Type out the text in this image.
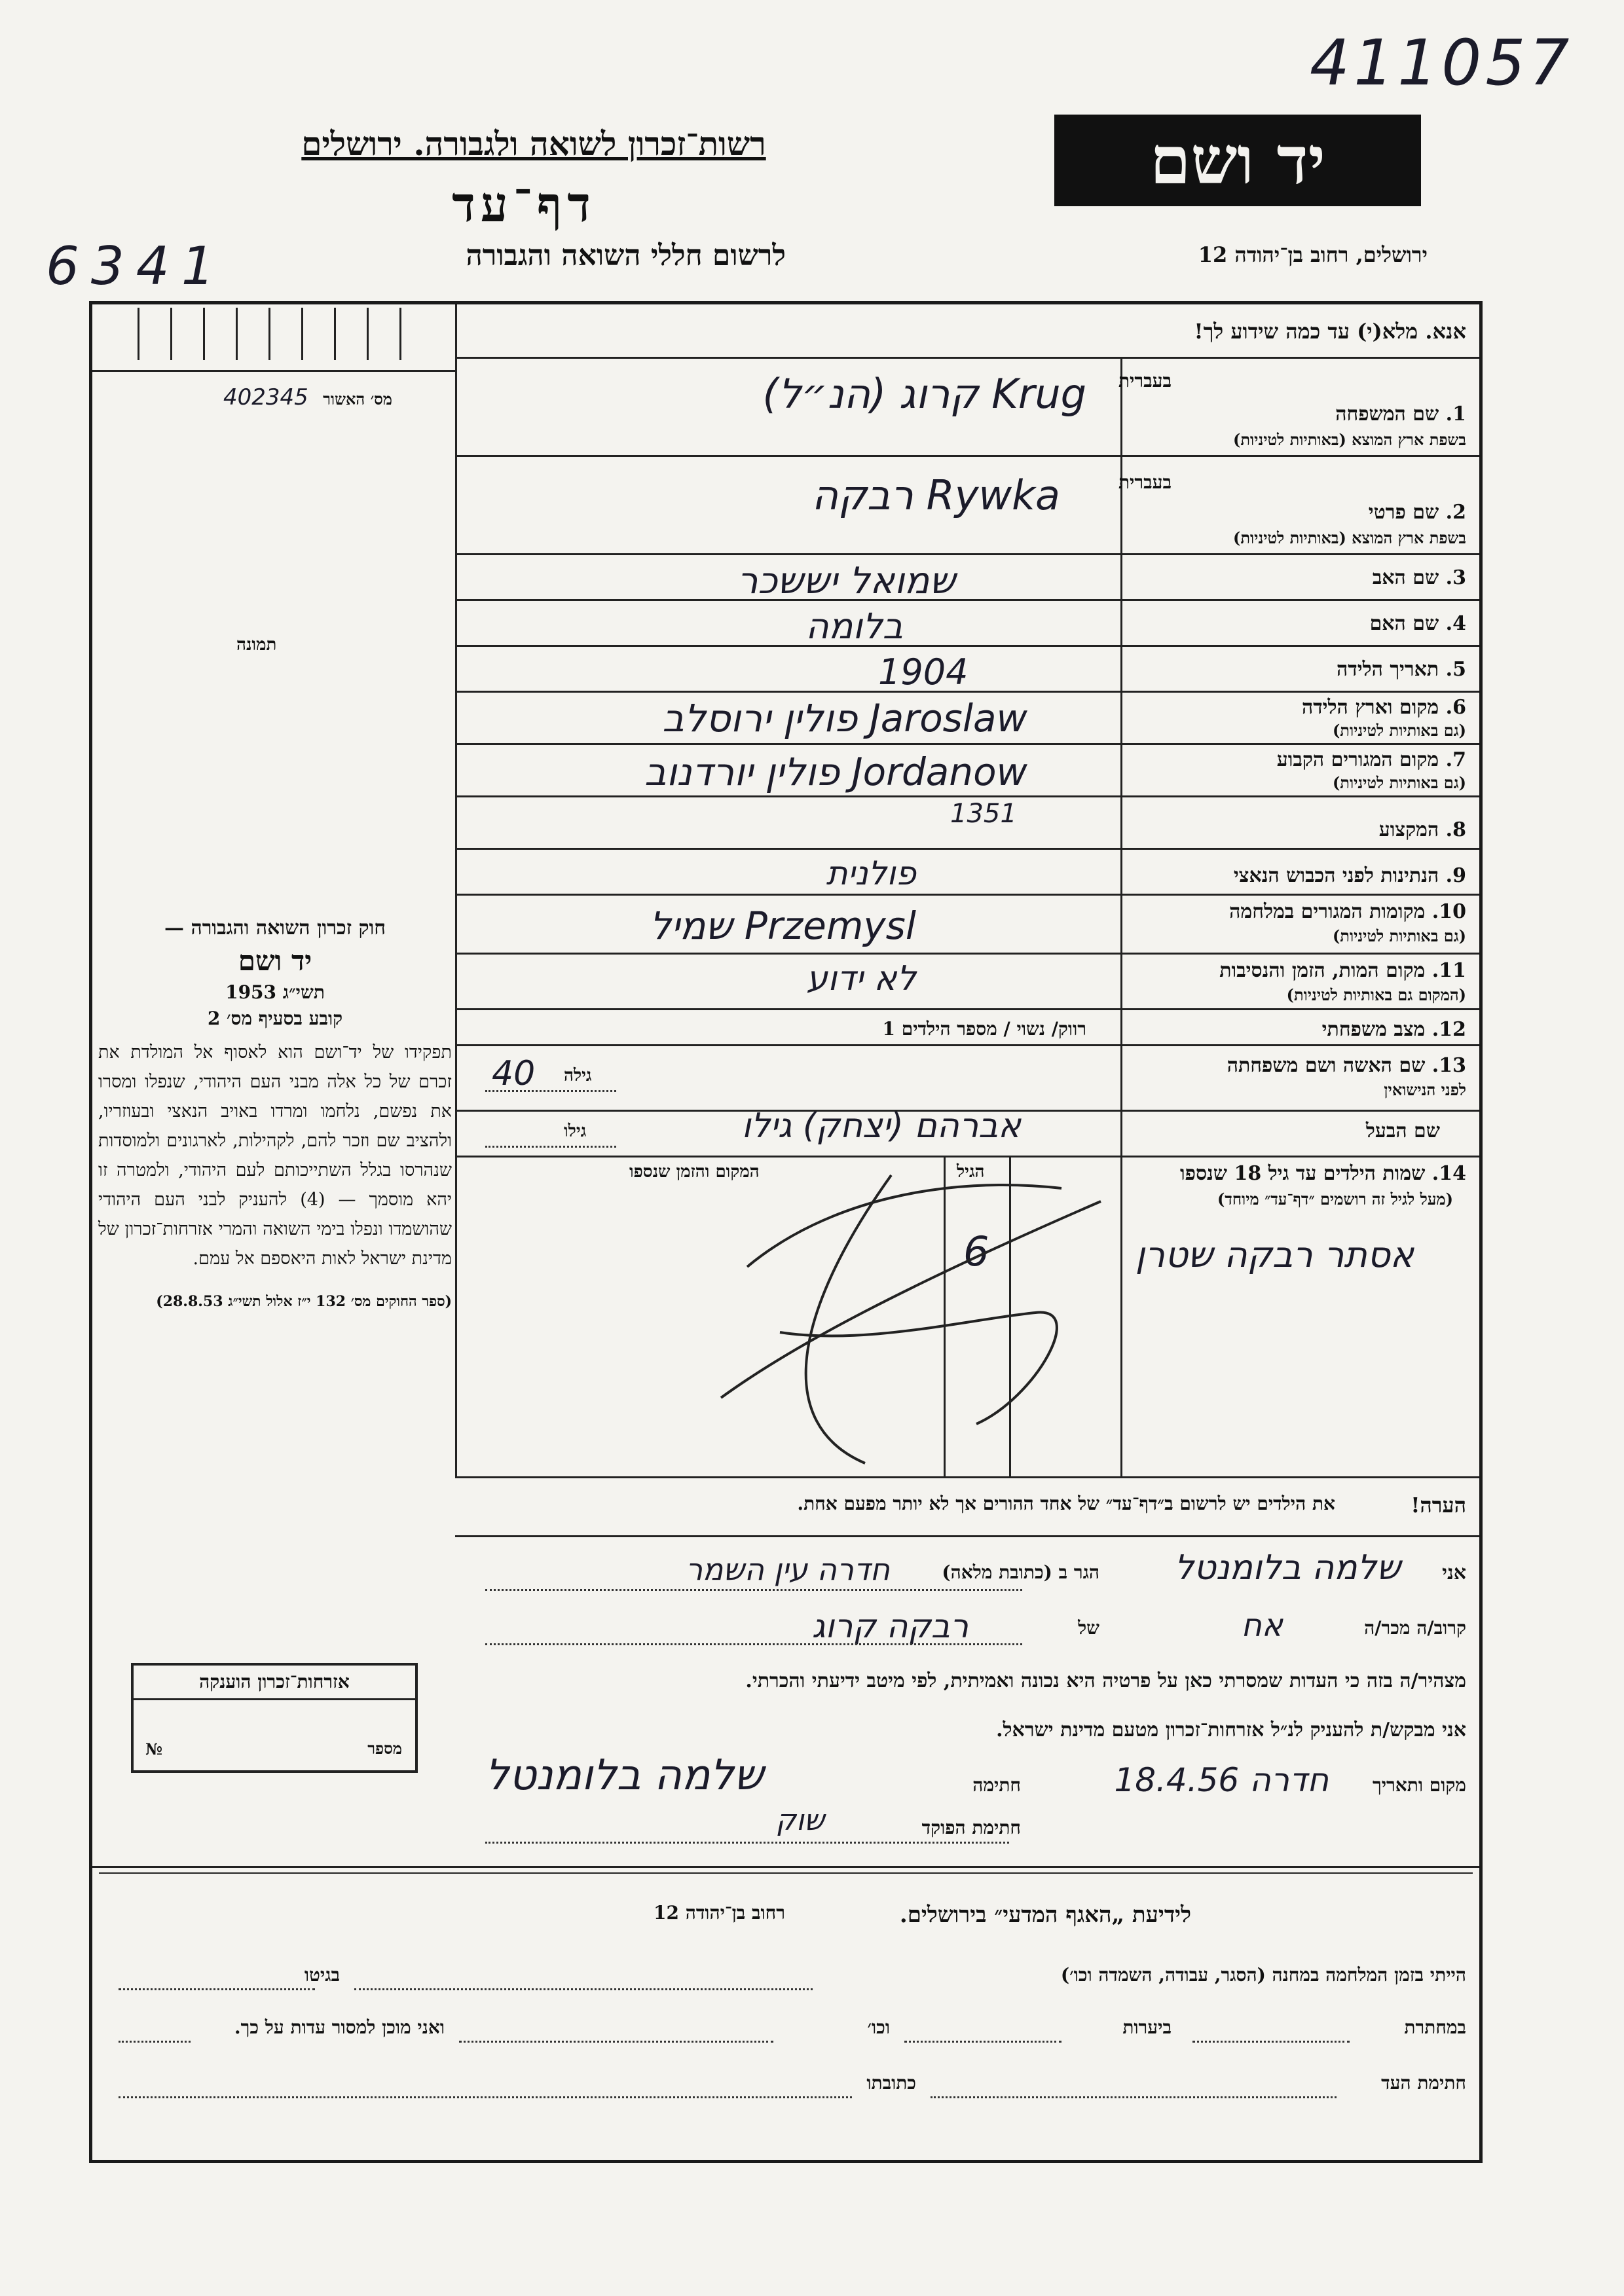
411057
6341
רשות־זכרון לשואה ולגבורה. ירושלים
דף־עד
לרשום חללי השואה והגבורה
יד ושם
ירושלים, רחוב בן־יהודה 12
אנא. מלא(י) עד כמה שידוע לך!
מס׳ האשור
402345
תמונה
בעברית
1. שם המשפחה
בשפת ארץ המוצא (באותיות לטיניות)
בעברית
2. שם פרטי
בשפת ארץ המוצא (באותיות לטיניות)
3. שם האב
4. שם האם
5. תאריך הלידה
6. מקום וארץ הלידה
(גם באותיות לטיניות)
7. מקום המגורים הקבוע
(גם באותיות לטיניות)
8. המקצוע
9. הנתינות לפני הכבוש הנאצי
10. מקומות המגורים במלחמה
(גם באותיות לטיניות)
11. מקום המות, הזמן והנסיבות
(המקום גם באותיות לטיניות)
12. מצב משפחתי
13. שם האשה ושם משפחתה
לפני הנישואין
שם הבעל
Krug קרוג (הנ״ל)
Rywka רבקה
שמואל יששכר
בלומה
1904
Jaroslaw פולין ירוסלב
Jordanow פולין יורדנוב
1351
פולנית
Przemysl שמיל
לא ידוע
רווק/ נשוי / מספר הילדים 1
גילה
40
גילו	אברהם (יצחק) גילו
14. שמות הילדים עד גיל 18 שנספו
(מעל לגיל זה רושמים ״דף־עד״ מיוחד)
הגיל
המקום והזמן שנספו
אסתר רבקה שטרן
6
הערה!
את הילדים יש לרשום ב״דף־עד״ של אחד ההורים אך לא יותר מפעם אחת.
אני
שלמה בלומנטל
הגר ב (כתובת מלאה)
חדרה עין השמר
קרוב/ה מכר/ה
אח
של
רבקה קרוג
מצהיר/ה בזה כי העדות שמסרתי כאן על פרטיה היא נכונה ואמיתית, לפי מיטב ידיעתי והכרתי.
אני מבקש/ת להעניק לנ״ל אזרחות־זכרון מטעם מדינת ישראל.
מקום ותאריך
חדרה 18.4.56
חתימה
שלמה בלומנטל
חתימת הפוקד
שוק
לידיעת „האגף המדעי״ בירושלים.
רחוב בן־יהודה 12
הייתי בזמן המלחמה במחנה (הסגר, עבודה, השמדה וכו׳)
בגיטו
במחתרת
ביערות
וכו׳
ואני מוכן למסור עדות על כך.
חתימת העד
כתובתו
חוק זכרון השואה והגבורה —
יד ושם
תשי״ג 1953
קובע בסעיף מס׳ 2
תפקידו של יד־ושם הוא לאסוף אל המולדת את זכרם של כל אלה מבני העם היהודי, שנפלו ומסרו את נפשם, נלחמו ומרדו באויב הנאצי ובעוזריו, ולהציב שם וזכר להם, לקהילות, לארגונים ולמוסדות שנהרסו בגלל השתייכותם לעם היהודי, ולמטרה זו יהא מוסמך — (4) להעניק לבני העם היהודי שהושמדו ונפלו בימי השואה והמרי אזרחות־זכרון של מדינת ישראל לאות היאספם אל עמם.
(ספר החוקים מס׳ 132 י״ז אלול תשי״ג 28.8.53)
אזרחות־זכרון הוענקה
מספר
№
